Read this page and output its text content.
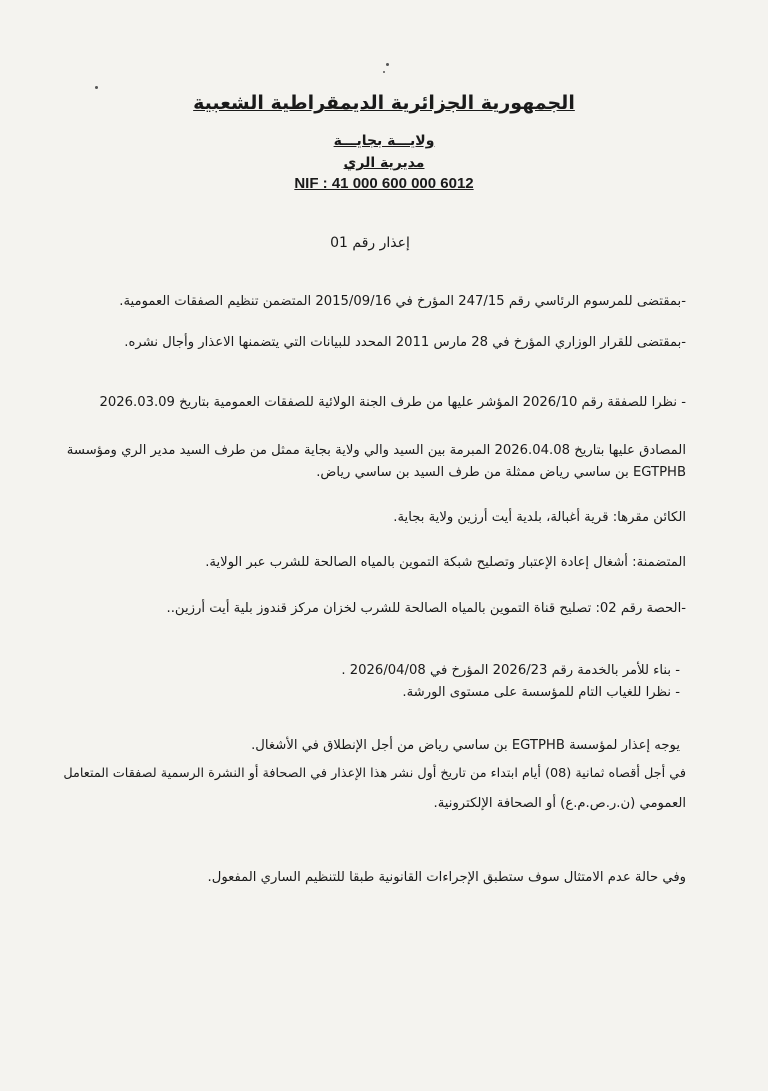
الجمهورية الجزائرية الديمقراطية الشعبية
ولايـــة بجايـــة
مديرية الري
NIF : 41 000 600 000 6012
إعذار رقم 01
-بمقتضى للمرسوم الرئاسي رقم 247/15 المؤرخ في 2015/09/16 المتضمن تنظيم الصفقات العمومية.
-بمقتضى للقرار الوزاري المؤرخ في 28 مارس 2011 المحدد للبيانات التي يتضمنها الاعذار وأجال نشره.
- نظرا للصفقة رقم 2026/10 المؤشر عليها من طرف الجنة الولائية للصفقات العمومية بتاريخ 2026.03.09
المصادق عليها بتاريخ 2026.04.08 المبرمة بين السيد والي ولاية بجاية ممثل من طرف السيد مدير الري ومؤسسة
EGTPHB بن ساسي رياض ممثلة من طرف السيد بن ساسي رياض.
الكائن مقرها: قرية أغبالة، بلدية أيت أرزين ولاية بجاية.
المتضمنة: أشغال إعادة الإعتبار وتصليح شبكة التموين بالمياه الصالحة للشرب عبر الولاية.
-الحصة رقم 02: تصليح قناة التموين بالمياه الصالحة للشرب لخزان مركز قندوز بلية أيت أرزين..
- بناء للأمر بالخدمة رقم 2026/23 المؤرخ في 2026/04/08 .
- نظرا للغياب التام للمؤسسة على مستوى الورشة.
يوجه إعذار لمؤسسة EGTPHB بن ساسي رياض من أجل الإنطلاق في الأشغال.
في أجل أقصاه ثمانية (08) أيام ابتداء من تاريخ أول نشر هذا الإعذار في الصحافة أو النشرة الرسمية لصفقات المتعامل
العمومي (ن.ر.ص.م.ع) أو الصحافة الإلكترونية.
وفي حالة عدم الامتثال سوف ستطبق الإجراءات القانونية طبقا للتنظيم الساري المفعول.
